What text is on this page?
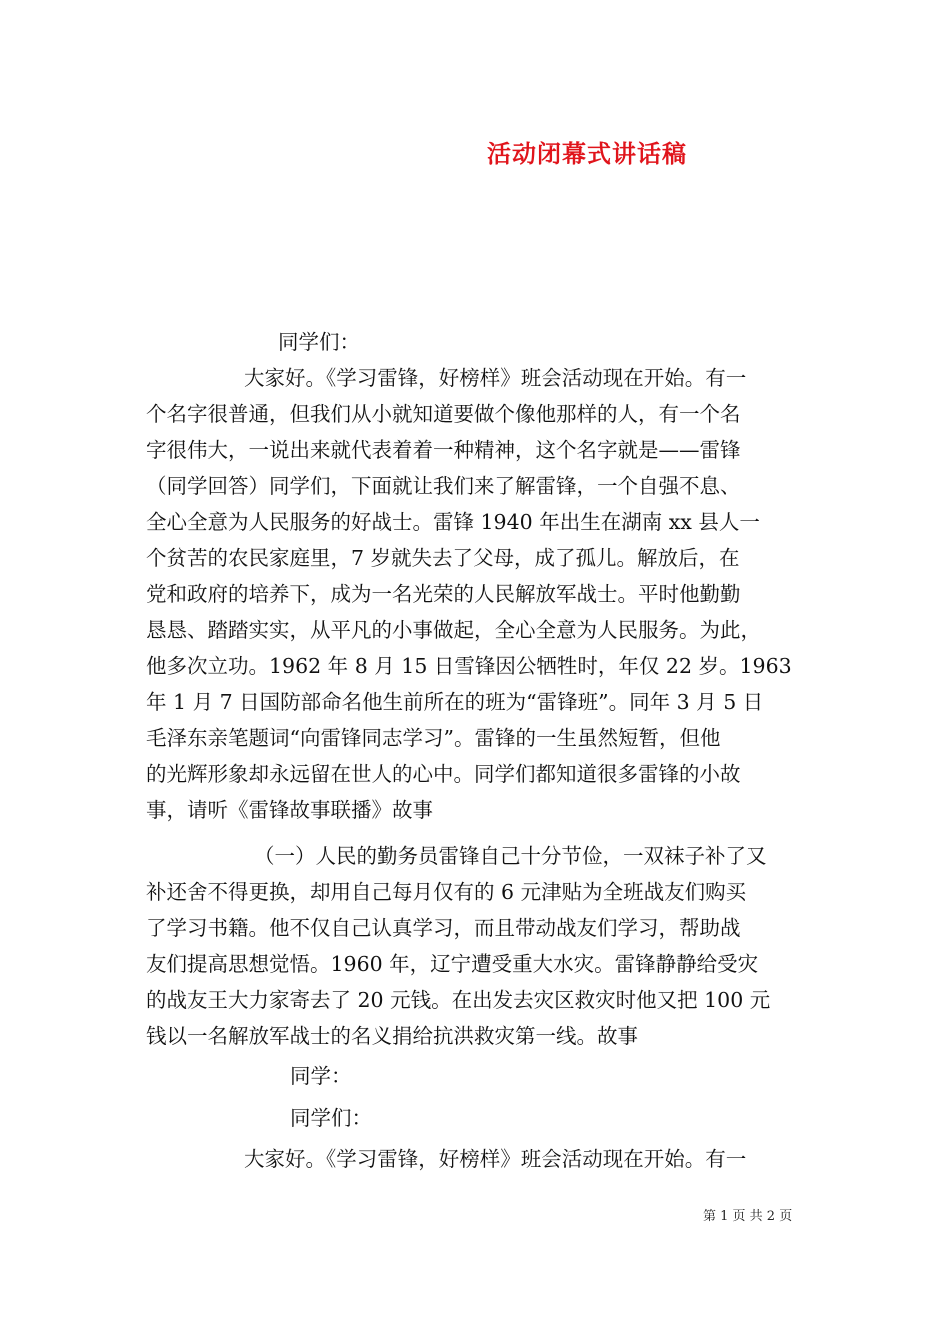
活动闭幕式讲话稿
同学们：
大家好。《学习雷锋，好榜样》班会活动现在开始。有一
个名字很普通，但我们从小就知道要做个像他那样的人，有一个名
字很伟大，一说出来就代表着着一种精神，这个名字就是——雷锋
（同学回答）同学们，下面就让我们来了解雷锋，一个自强不息、
全心全意为人民服务的好战士。雷锋 1940 年出生在湖南 xx 县人一
个贫苦的农民家庭里，7 岁就失去了父母，成了孤儿。解放后，在
党和政府的培养下，成为一名光荣的人民解放军战士。平时他勤勤
恳恳、踏踏实实，从平凡的小事做起，全心全意为人民服务。为此，
他多次立功。1962 年 8 月 15 日雪锋因公牺牲时，年仅 22 岁。1963
年 1 月 7 日国防部命名他生前所在的班为“雷锋班”。同年 3 月 5 日
毛泽东亲笔题词“向雷锋同志学习”。雷锋的一生虽然短暂，但他
的光辉形象却永远留在世人的心中。同学们都知道很多雷锋的小故
事，请听《雷锋故事联播》故事
（一）人民的勤务员雷锋自己十分节俭，一双袜子补了又
补还舍不得更换，却用自己每月仅有的 6 元津贴为全班战友们购买
了学习书籍。他不仅自己认真学习，而且带动战友们学习，帮助战
友们提高思想觉悟。1960 年，辽宁遭受重大水灾。雷锋静静给受灾
的战友王大力家寄去了 20 元钱。在出发去灾区救灾时他又把 100 元
钱以一名解放军战士的名义捐给抗洪救灾第一线。故事
同学：
同学们：
大家好。《学习雷锋，好榜样》班会活动现在开始。有一
第 1 页 共 2 页
